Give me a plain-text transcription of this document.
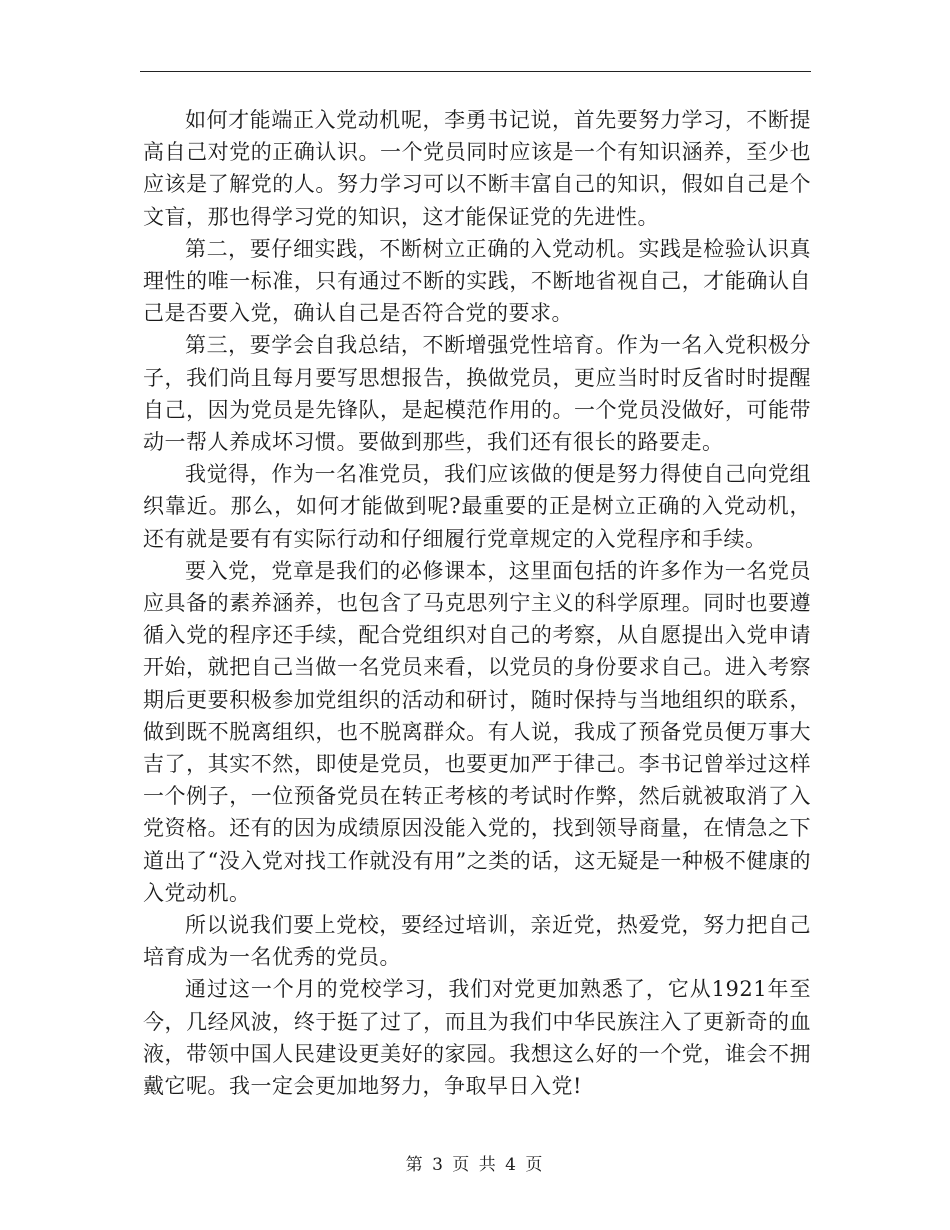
如何才能端正入党动机呢，李勇书记说，首先要努力学习，不断提高自己对党的正确认识。一个党员同时应该是一个有知识涵养，至少也应该是了解党的人。努力学习可以不断丰富自己的知识，假如自己是个文盲，那也得学习党的知识，这才能保证党的先进性。

第二，要仔细实践，不断树立正确的入党动机。实践是检验认识真理性的唯一标准，只有通过不断的实践，不断地省视自己，才能确认自己是否要入党，确认自己是否符合党的要求。

第三，要学会自我总结，不断增强党性培育。作为一名入党积极分子，我们尚且每月要写思想报告，换做党员，更应当时时反省时时提醒自己，因为党员是先锋队，是起模范作用的。一个党员没做好，可能带动一帮人养成坏习惯。要做到那些，我们还有很长的路要走。

我觉得，作为一名准党员，我们应该做的便是努力得使自己向党组织靠近。那么，如何才能做到呢?最重要的正是树立正确的入党动机，还有就是要有有实际行动和仔细履行党章规定的入党程序和手续。

要入党，党章是我们的必修课本，这里面包括的许多作为一名党员应具备的素养涵养，也包含了马克思列宁主义的科学原理。同时也要遵循入党的程序还手续，配合党组织对自己的考察，从自愿提出入党申请开始，就把自己当做一名党员来看，以党员的身份要求自己。进入考察期后更要积极参加党组织的活动和研讨，随时保持与当地组织的联系，做到既不脱离组织，也不脱离群众。有人说，我成了预备党员便万事大吉了，其实不然，即使是党员，也要更加严于律己。李书记曾举过这样一个例子，一位预备党员在转正考核的考试时作弊，然后就被取消了入党资格。还有的因为成绩原因没能入党的，找到领导商量，在情急之下道出了“没入党对找工作就没有用”之类的话，这无疑是一种极不健康的入党动机。

所以说我们要上党校，要经过培训，亲近党，热爱党，努力把自己培育成为一名优秀的党员。

通过这一个月的党校学习，我们对党更加熟悉了，它从1921年至今，几经风波，终于挺了过了，而且为我们中华民族注入了更新奇的血液，带领中国人民建设更美好的家园。我想这么好的一个党，谁会不拥戴它呢。我一定会更加地努力，争取早日入党!

第 3 页 共 4 页
